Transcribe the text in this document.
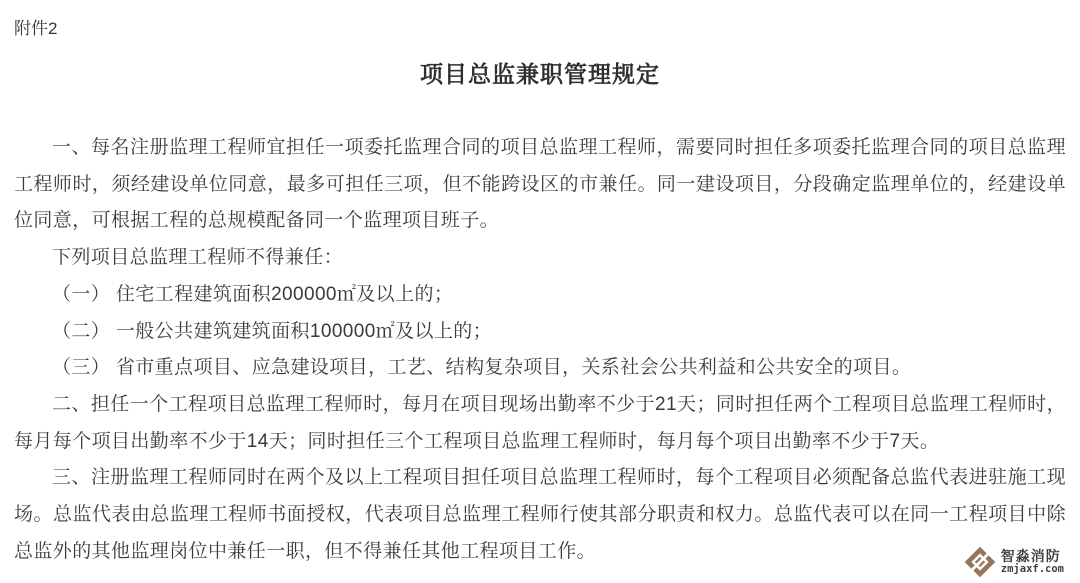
附件2
项目总监兼职管理规定

一、每名注册监理工程师宜担任一项委托监理合同的项目总监理工程师，需要同时担任多项委托监理合同的项目总监理工程师时，须经建设单位同意，最多可担任三项，但不能跨设区的市兼任。同一建设项目，分段确定监理单位的，经建设单位同意，可根据工程的总规模配备同一个监理项目班子。

下列项目总监理工程师不得兼任：

（一） 住宅工程建筑面积200000㎡及以上的；

（二） 一般公共建筑建筑面积100000㎡及以上的；

（三） 省市重点项目、应急建设项目，工艺、结构复杂项目，关系社会公共利益和公共安全的项目。

二、担任一个工程项目总监理工程师时，每月在项目现场出勤率不少于21天；同时担任两个工程项目总监理工程师时，每月每个项目出勤率不少于14天；同时担任三个工程项目总监理工程师时，每月每个项目出勤率不少于7天。

三、注册监理工程师同时在两个及以上工程项目担任项目总监理工程师时，每个工程项目必须配备总监代表进驻施工现场。总监代表由总监理工程师书面授权，代表项目总监理工程师行使其部分职责和权力。总监代表可以在同一工程项目中除总监外的其他监理岗位中兼任一职，但不得兼任其他工程项目工作。	智淼消防
zmjaxf.com
